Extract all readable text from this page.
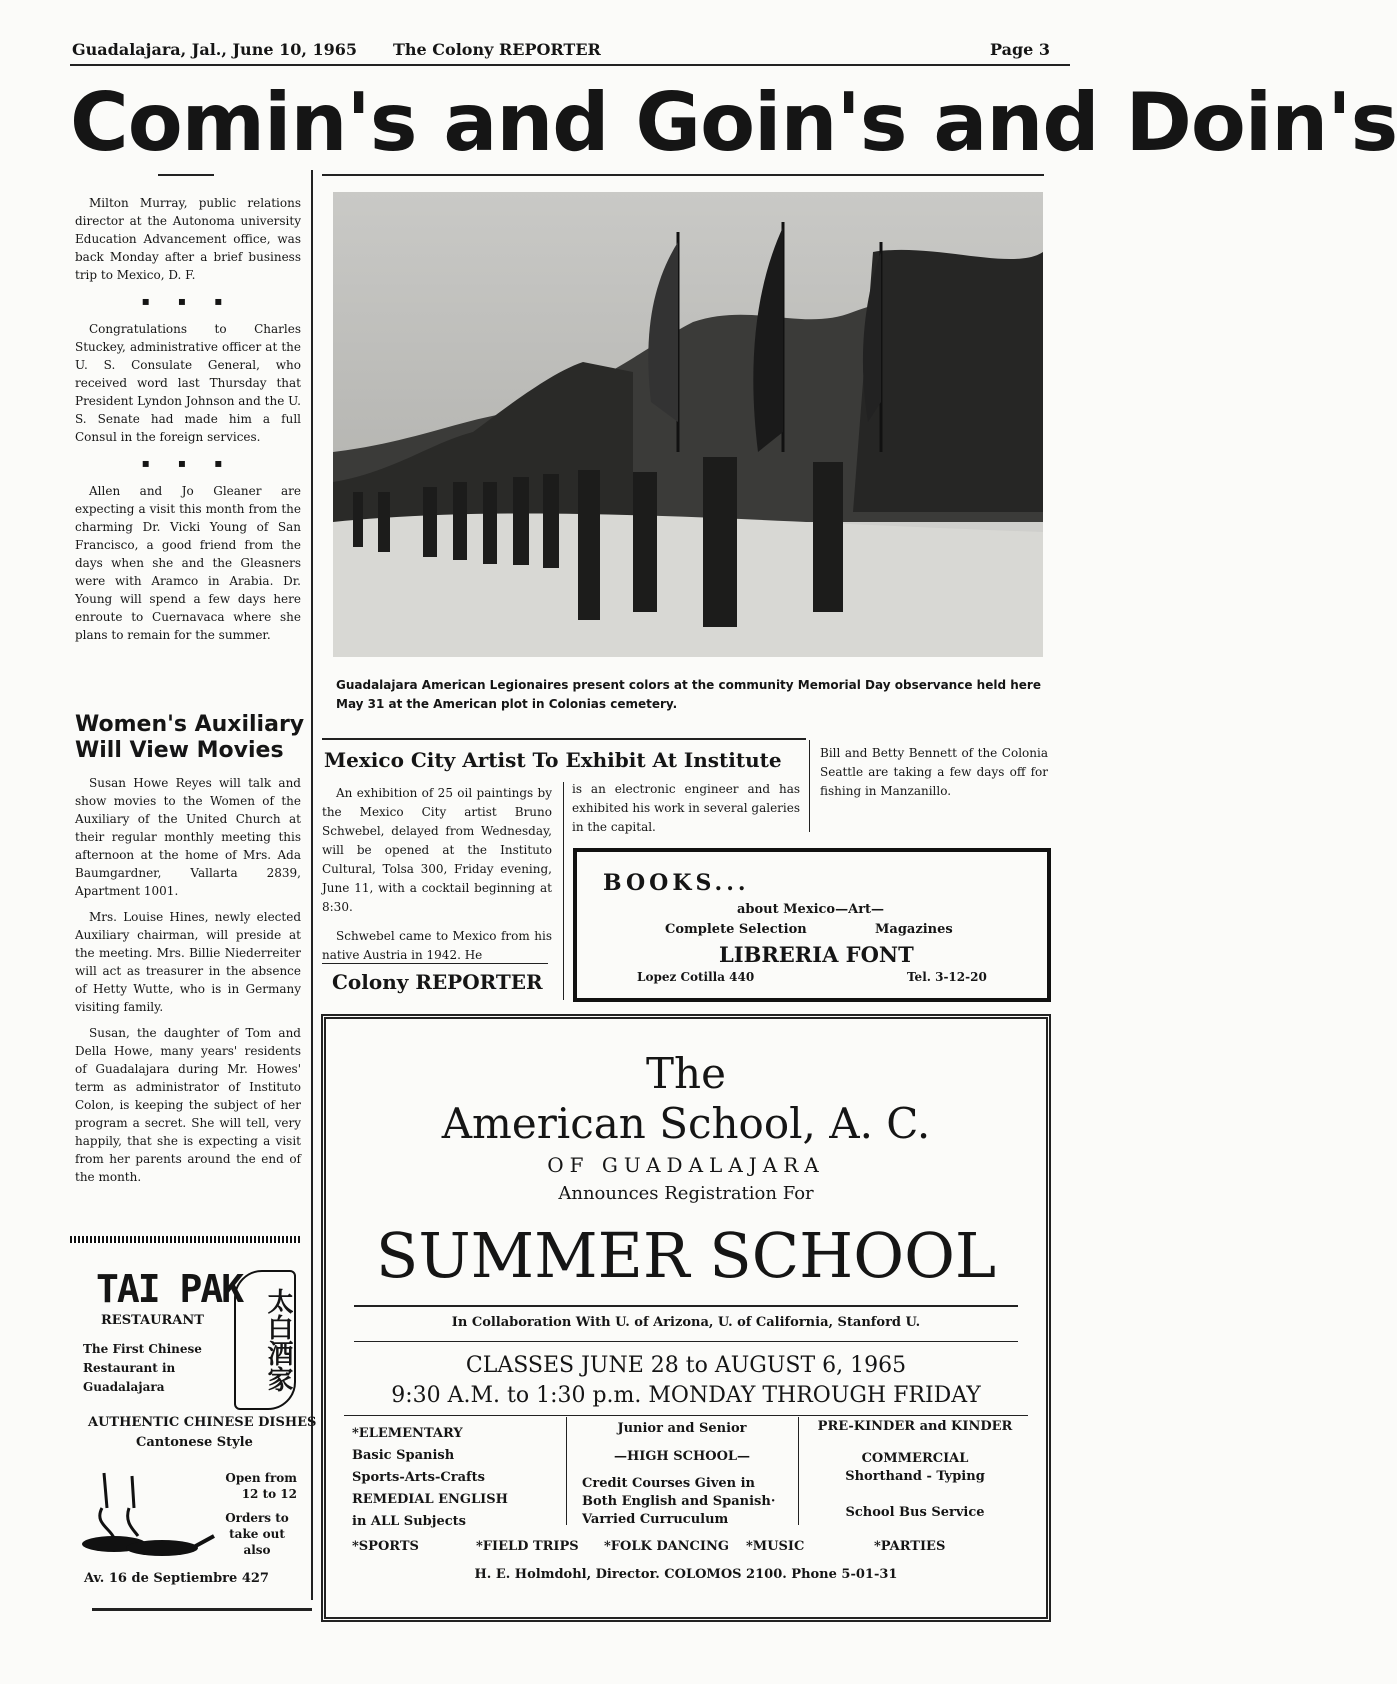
Guadalajara, Jal., June 10, 1965 The Colony REPORTER	Page 3
Comin's and Goin's and Doin's

Milton Murray, public relations director at the Autonoma university Education Advancement office, was back Monday after a brief business trip to Mexico, D. F.

▪ ▪ ▪

Congratulations to Charles Stuckey, administrative officer at the U. S. Consulate General, who received word last Thursday that President Lyndon Johnson and the U. S. Senate had made him a full Consul in the foreign services.

▪ ▪ ▪

Allen and Jo Gleaner are expecting a visit this month from the charming Dr. Vicki Young of San Francisco, a good friend from the days when she and the Gleasners were with Aramco in Arabia. Dr. Young will spend a few days here enroute to Cuernavaca where she plans to remain for the summer.

Women's Auxiliary Will View Movies

Susan Howe Reyes will talk and show movies to the Women of the Auxiliary of the United Church at their regular monthly meeting this afternoon at the home of Mrs. Ada Baumgardner, Vallarta 2839, Apartment 1001.

Mrs. Louise Hines, newly elected Auxiliary chairman, will preside at the meeting. Mrs. Billie Niederreiter will act as treasurer in the absence of Hetty Wutte, who is in Germany visiting family.

Susan, the daughter of Tom and Della Howe, many years' residents of Guadalajara during Mr. Howes' term as administrator of Instituto Colon, is keeping the subject of her program a secret. She will tell, very happily, that she is expecting a visit from her parents around the end of the month.

TAI PAK
RESTAURANT
The First Chinese Restaurant in Guadalajara	太白酒家
AUTHENTIC CHINESE DISHES
Cantonese Style
Open from
12 to 12
Orders to take out also
Av. 16 de Septiembre 427
Guadalajara American Legionaires present colors at the community Memorial Day observance held here May 31 at the American plot in Colonias cemetery.
Mexico City Artist To Exhibit At Institute
An exhibition of 25 oil paintings by the Mexico City artist Bruno Schwebel, delayed from Wednesday, will be opened at the Instituto Cultural, Tolsa 300, Friday evening, June 11, with a cocktail beginning at 8:30.
Schwebel came to Mexico from his native Austria in 1942. He
is an electronic engineer and has exhibited his work in several galeries in the capital.
Colony REPORTER
Bill and Betty Bennett of the Colonia Seattle are taking a few days off for fishing in Manzanillo.
BOOKS...
about Mexico—Art—
Complete Selection	Magazines
LIBRERIA FONT
Lopez Cotilla 440	Tel. 3-12-20
The
American School, A. C.
OF GUADALAJARA
Announces Registration For
SUMMER SCHOOL
In Collaboration With U. of Arizona, U. of California, Stanford U.
CLASSES JUNE 28 to AUGUST 6, 1965
9:30 A.M. to 1:30 p.m. MONDAY THROUGH FRIDAY
*ELEMENTARY
Basic Spanish
Sports-Arts-Crafts
REMEDIAL ENGLISH
in ALL Subjects
Junior and Senior
—HIGH SCHOOL—
Credit Courses Given in Both English and Spanish· Varried Curruculum
PRE-KINDER and KINDER
COMMERCIAL
Shorthand - Typing
School Bus Service
*SPORTS	*FIELD TRIPS *FOLK DANCING *MUSIC	*PARTIES
H. E. Holmdohl, Director. COLOMOS 2100. Phone 5-01-31
